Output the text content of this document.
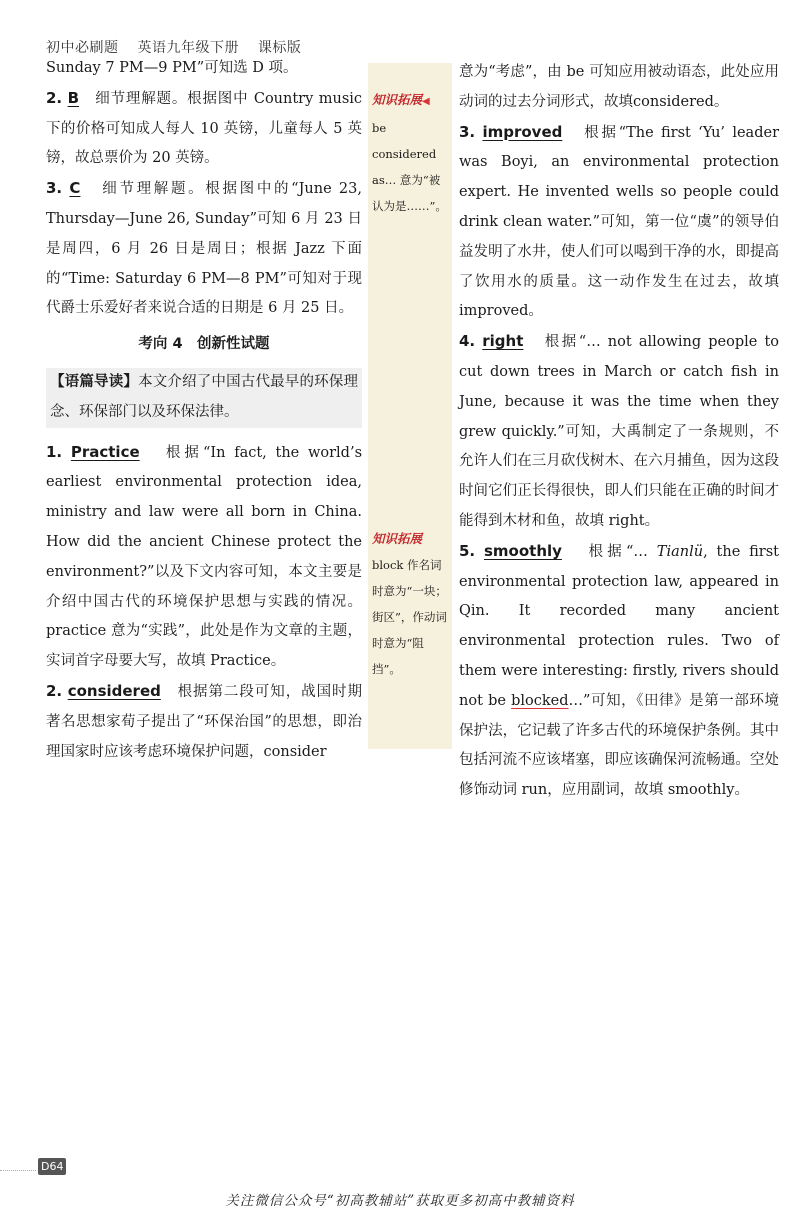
初中必刷题 英语九年级下册 课标版

Sunday 7 PM—9 PM”可知选 D 项。

2. B 细节理解题。根据图中 Country music 下的价格可知成人每人 10 英镑，儿童每人 5 英镑，故总票价为 20 英镑。

3. C 细节理解题。根据图中的“June 23, Thursday—June 26, Sunday”可知 6 月 23 日是周四，6 月 26 日是周日；根据 Jazz 下面的“Time: Saturday 6 PM—8 PM”可知对于现代爵士乐爱好者来说合适的日期是 6 月 25 日。

考向 4　创新性试题

【语篇导读】本文介绍了中国古代最早的环保理念、环保部门以及环保法律。

1. Practice 根据“In fact, the world’s earliest environmental protection idea, ministry and law were all born in China. How did the ancient Chinese protect the environment?”以及下文内容可知，本文主要是介绍中国古代的环境保护思想与实践的情况。practice 意为“实践”，此处是作为文章的主题，实词首字母要大写，故填 Practice。

2. considered 根据第二段可知，战国时期著名思想家荀子提出了“环保治国”的思想，即治理国家时应该考虑环境保护问题，consider

知识拓展◀
be considered as… 意为“被认为是……”。
知识拓展
block 作名词时意为“一块；街区”，作动词时意为“阻挡”。

意为“考虑”，由 be 可知应用被动语态，此处应用动词的过去分词形式，故填considered。

3. improved 根据“The first ‘Yu’ leader was Boyi, an environmental protection expert. He invented wells so people could drink clean water.”可知，第一位“虞”的领导伯益发明了水井，使人们可以喝到干净的水，即提高了饮用水的质量。这一动作发生在过去，故填improved。

4. right 根据“… not allowing people to cut down trees in March or catch fish in June, because it was the time when they grew quickly.”可知，大禹制定了一条规则，不允许人们在三月砍伐树木、在六月捕鱼，因为这段时间它们正长得很快，即人们只能在正确的时间才能得到木材和鱼，故填 right。

5. smoothly 根据“… Tianlü, the first environmental protection law, appeared in Qin. It recorded many ancient environmental protection rules. Two of them were interesting: firstly, rivers should not be blocked…”可知，《田律》是第一部环境保护法，它记载了许多古代的环境保护条例。其中包括河流不应该堵塞，即应该确保河流畅通。空处修饰动词 run，应用副词，故填 smoothly。

D64
关注微信公众号“初高教辅站”获取更多初高中教辅资料
